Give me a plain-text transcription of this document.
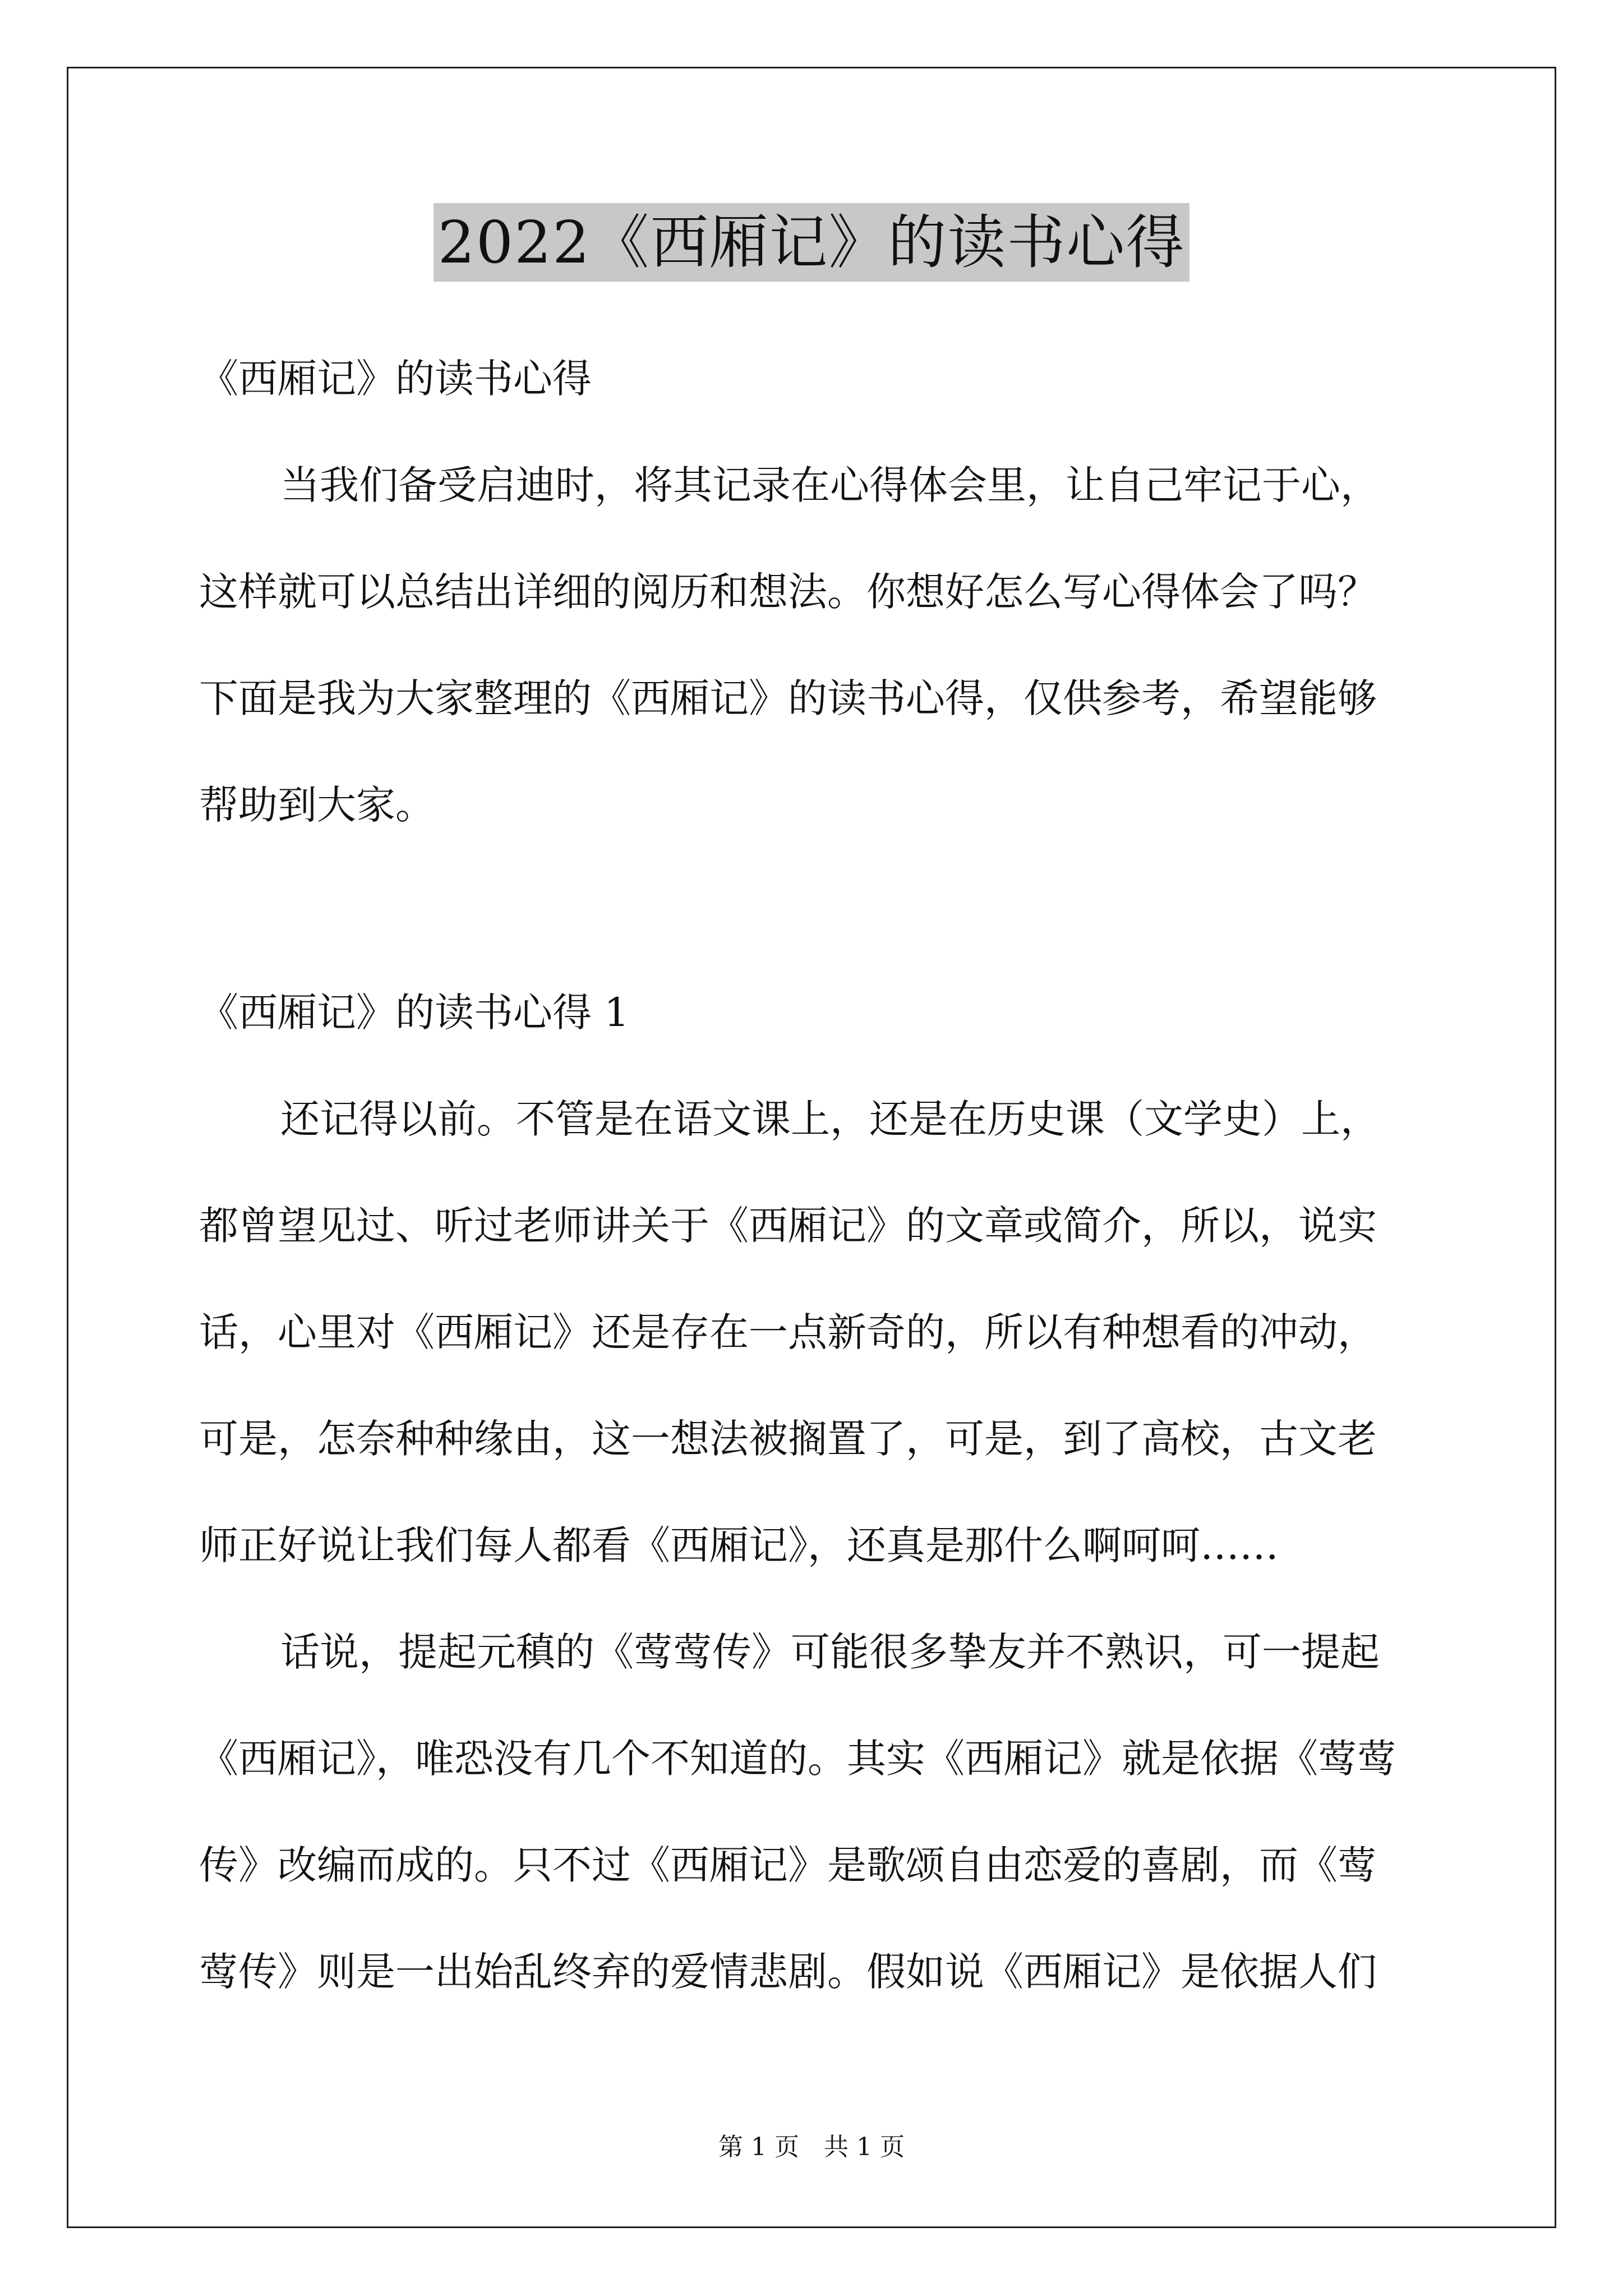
2022《西厢记》的读书心得
《西厢记》的读书心得
当我们备受启迪时，将其记录在心得体会里，让自己牢记于心，
这样就可以总结出详细的阅历和想法。你想好怎么写心得体会了吗？
下面是我为大家整理的《西厢记》的读书心得，仅供参考，希望能够
帮助到大家。
《西厢记》的读书心得 1
还记得以前。不管是在语文课上，还是在历史课（文学史）上，
都曾望见过、听过老师讲关于《西厢记》的文章或简介，所以，说实
话，心里对《西厢记》还是存在一点新奇的，所以有种想看的冲动，
可是，怎奈种种缘由，这一想法被搁置了，可是，到了高校，古文老
师正好说让我们每人都看《西厢记》，还真是那什么啊呵呵……
话说，提起元稹的《莺莺传》可能很多挚友并不熟识，可一提起
《西厢记》，唯恐没有几个不知道的。其实《西厢记》就是依据《莺莺
传》改编而成的。只不过《西厢记》是歌颂自由恋爱的喜剧，而《莺
莺传》则是一出始乱终弃的爱情悲剧。假如说《西厢记》是依据人们
第 1 页　共 1 页
